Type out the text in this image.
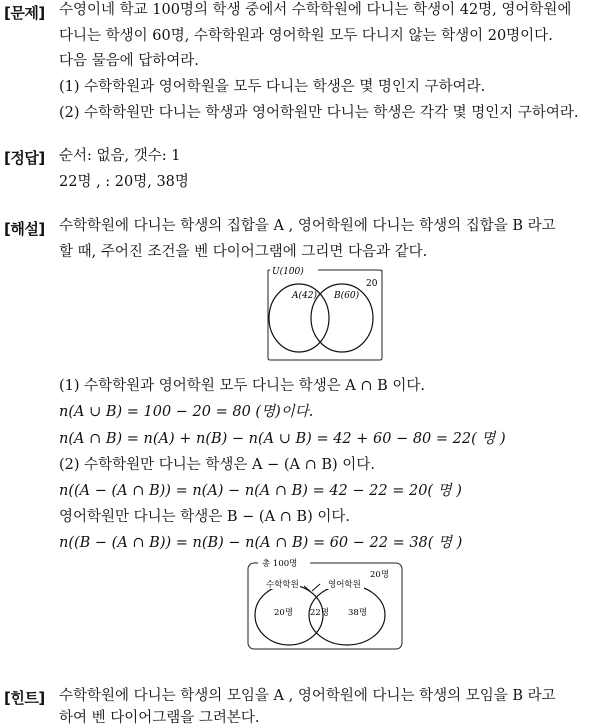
[문제] 수영이네 학교 100명의 학생 중에서 수학학원에 다니는 학생이 42명, 영어학원에
다니는 학생이 60명, 수학학원과 영어학원 모두 다니지 않는 학생이 20명이다.
다음 물음에 답하여라.
(1) 수학학원과 영어학원을 모두 다니는 학생은 몇 명인지 구하여라.
(2) 수학학원만 다니는 학생과 영어학원만 다니는 학생은 각각 몇 명인지 구하여라.
[정답] 순서: 없음, 갯수: 1
22명 , : 20명, 38명
[해설] 수학학원에 다니는 학생의 집합을 A , 영어학원에 다니는 학생의 집합을 B 라고
할 때, 주어진 조건을 벤 다이어그램에 그리면 다음과 같다.
U(100)
20
A(42) B(60)
(1) 수학학원과 영어학원 모두 다니는 학생은 A ∩ B 이다.
n(A ∪ B) = 100 − 20 = 80 (명)이다.
n(A ∩ B) = n(A) + n(B) − n(A ∪ B) = 42 + 60 − 80 = 22( 명 )
(2) 수학학원만 다니는 학생은 A − (A ∩ B) 이다.
n((A − (A ∩ B)) = n(A) − n(A ∩ B) = 42 − 22 = 20( 명 )
영어학원만 다니는 학생은 B − (A ∩ B) 이다.
n((B − (A ∩ B)) = n(B) − n(A ∩ B) = 60 − 22 = 38( 명 )
총 100명
20명
수학학원	영어학원
20명 22명 38명
[힌트] 수학학원에 다니는 학생의 모임을 A , 영어학원에 다니는 학생의 모임을 B 라고
하여 벤 다이어그램을 그려본다.
